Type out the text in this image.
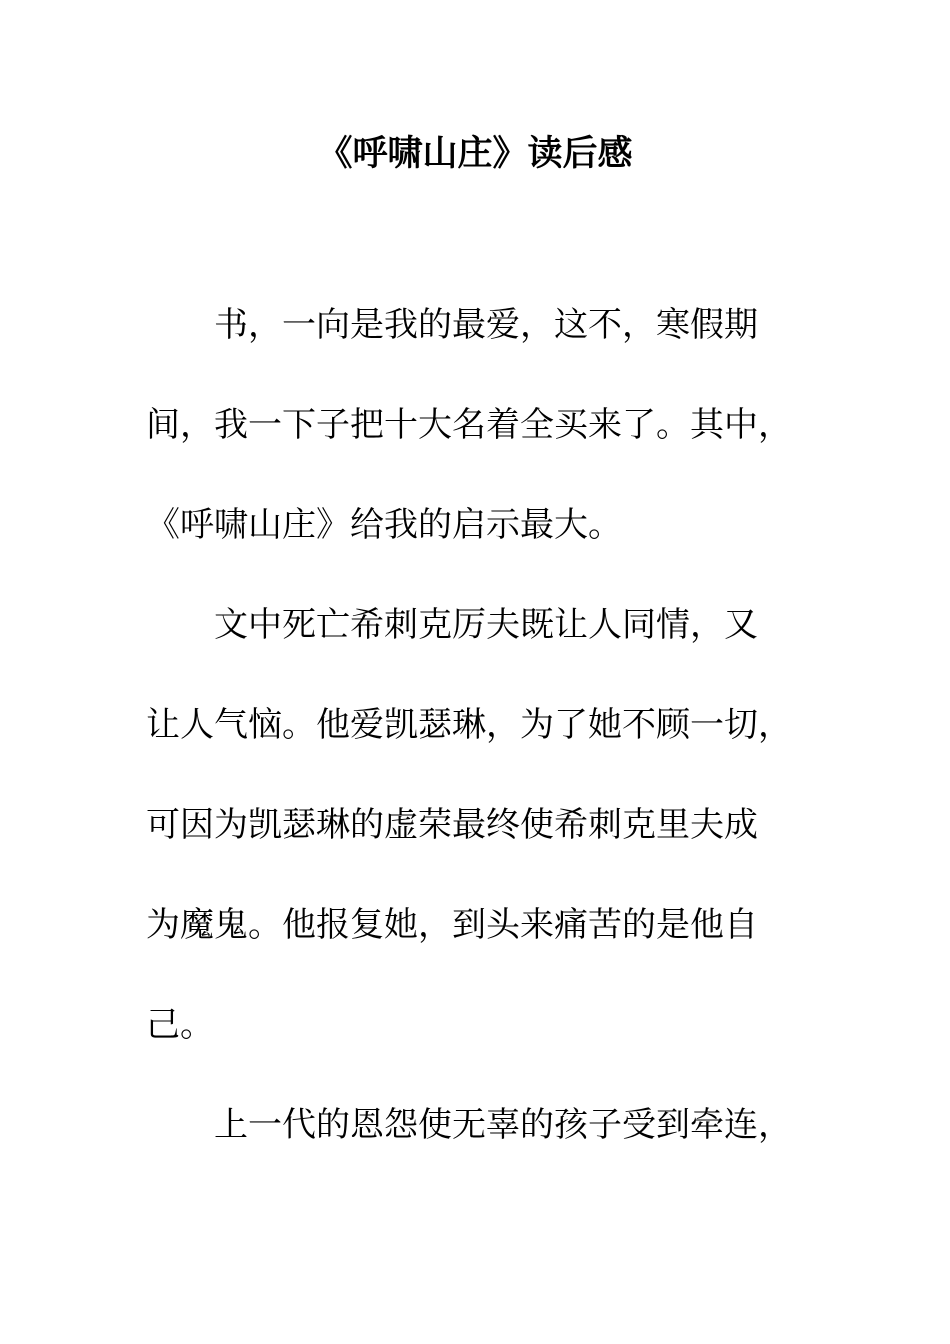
《呼啸山庄》读后感

书，一向是我的最爱，这不，寒假期

间，我一下子把十大名着全买来了。其中，

《呼啸山庄》给我的启示最大。

文中死亡希刺克厉夫既让人同情，又

让人气恼。他爱凯瑟琳，为了她不顾一切，

可因为凯瑟琳的虚荣最终使希刺克里夫成

为魔鬼。他报复她，到头来痛苦的是他自

己。

上一代的恩怨使无辜的孩子受到牵连，
